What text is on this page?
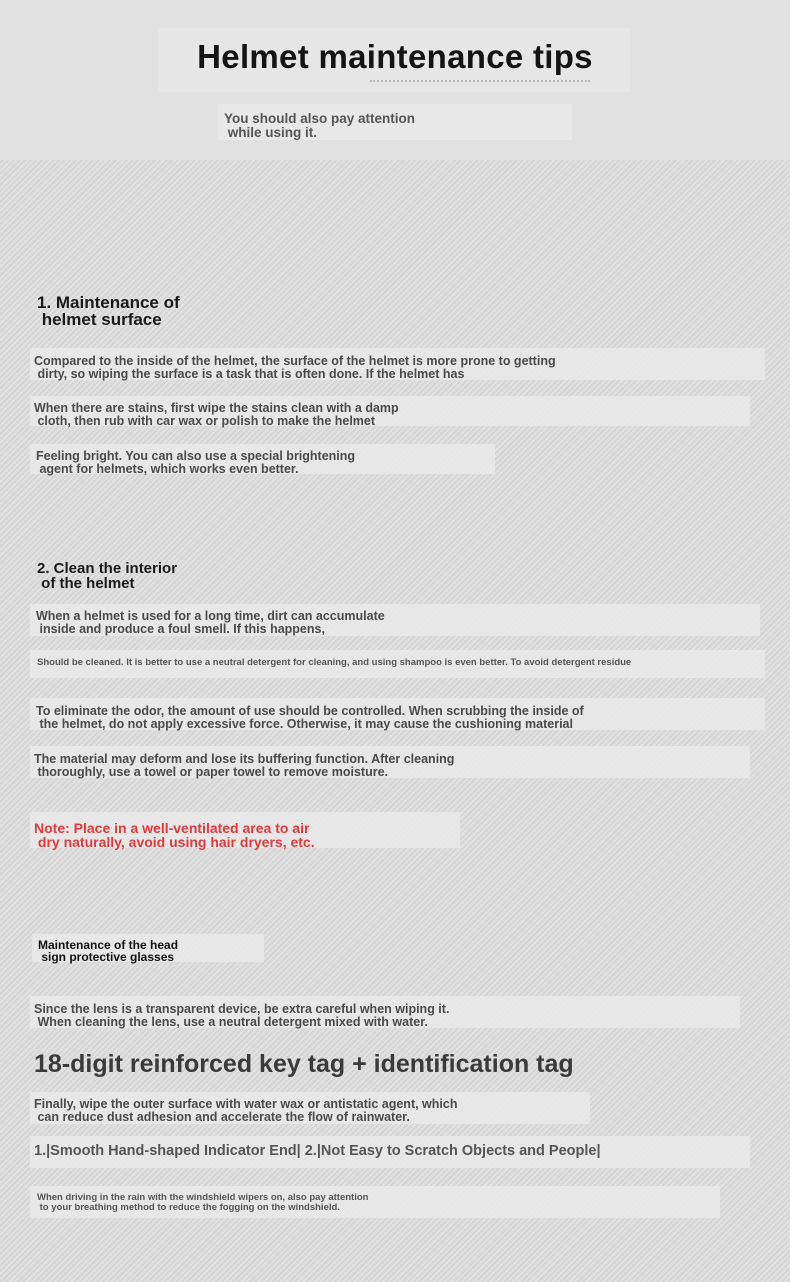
Helmet maintenance tips
You should also pay attention
while using it.
1. Maintenance of
helmet surface
Compared to the inside of the helmet, the surface of the helmet is more prone to getting
dirty, so wiping the surface is a task that is often done. If the helmet has
When there are stains, first wipe the stains clean with a damp
cloth, then rub with car wax or polish to make the helmet
Feeling bright. You can also use a special brightening
agent for helmets, which works even better.
2. Clean the interior
of the helmet
When a helmet is used for a long time, dirt can accumulate
inside and produce a foul smell. If this happens,
Should be cleaned. It is better to use a neutral detergent for cleaning, and using shampoo is even better. To avoid detergent residue
To eliminate the odor, the amount of use should be controlled. When scrubbing the inside of
the helmet, do not apply excessive force. Otherwise, it may cause the cushioning material
The material may deform and lose its buffering function. After cleaning
thoroughly, use a towel or paper towel to remove moisture.
Note: Place in a well-ventilated area to air
dry naturally, avoid using hair dryers, etc.
Maintenance of the head
sign protective glasses
Since the lens is a transparent device, be extra careful when wiping it.
When cleaning the lens, use a neutral detergent mixed with water.
18-digit reinforced key tag + identification tag
Finally, wipe the outer surface with water wax or antistatic agent, which
can reduce dust adhesion and accelerate the flow of rainwater.
1.|Smooth Hand-shaped Indicator End| 2.|Not Easy to Scratch Objects and People|
When driving in the rain with the windshield wipers on, also pay attention
to your breathing method to reduce the fogging on the windshield.
